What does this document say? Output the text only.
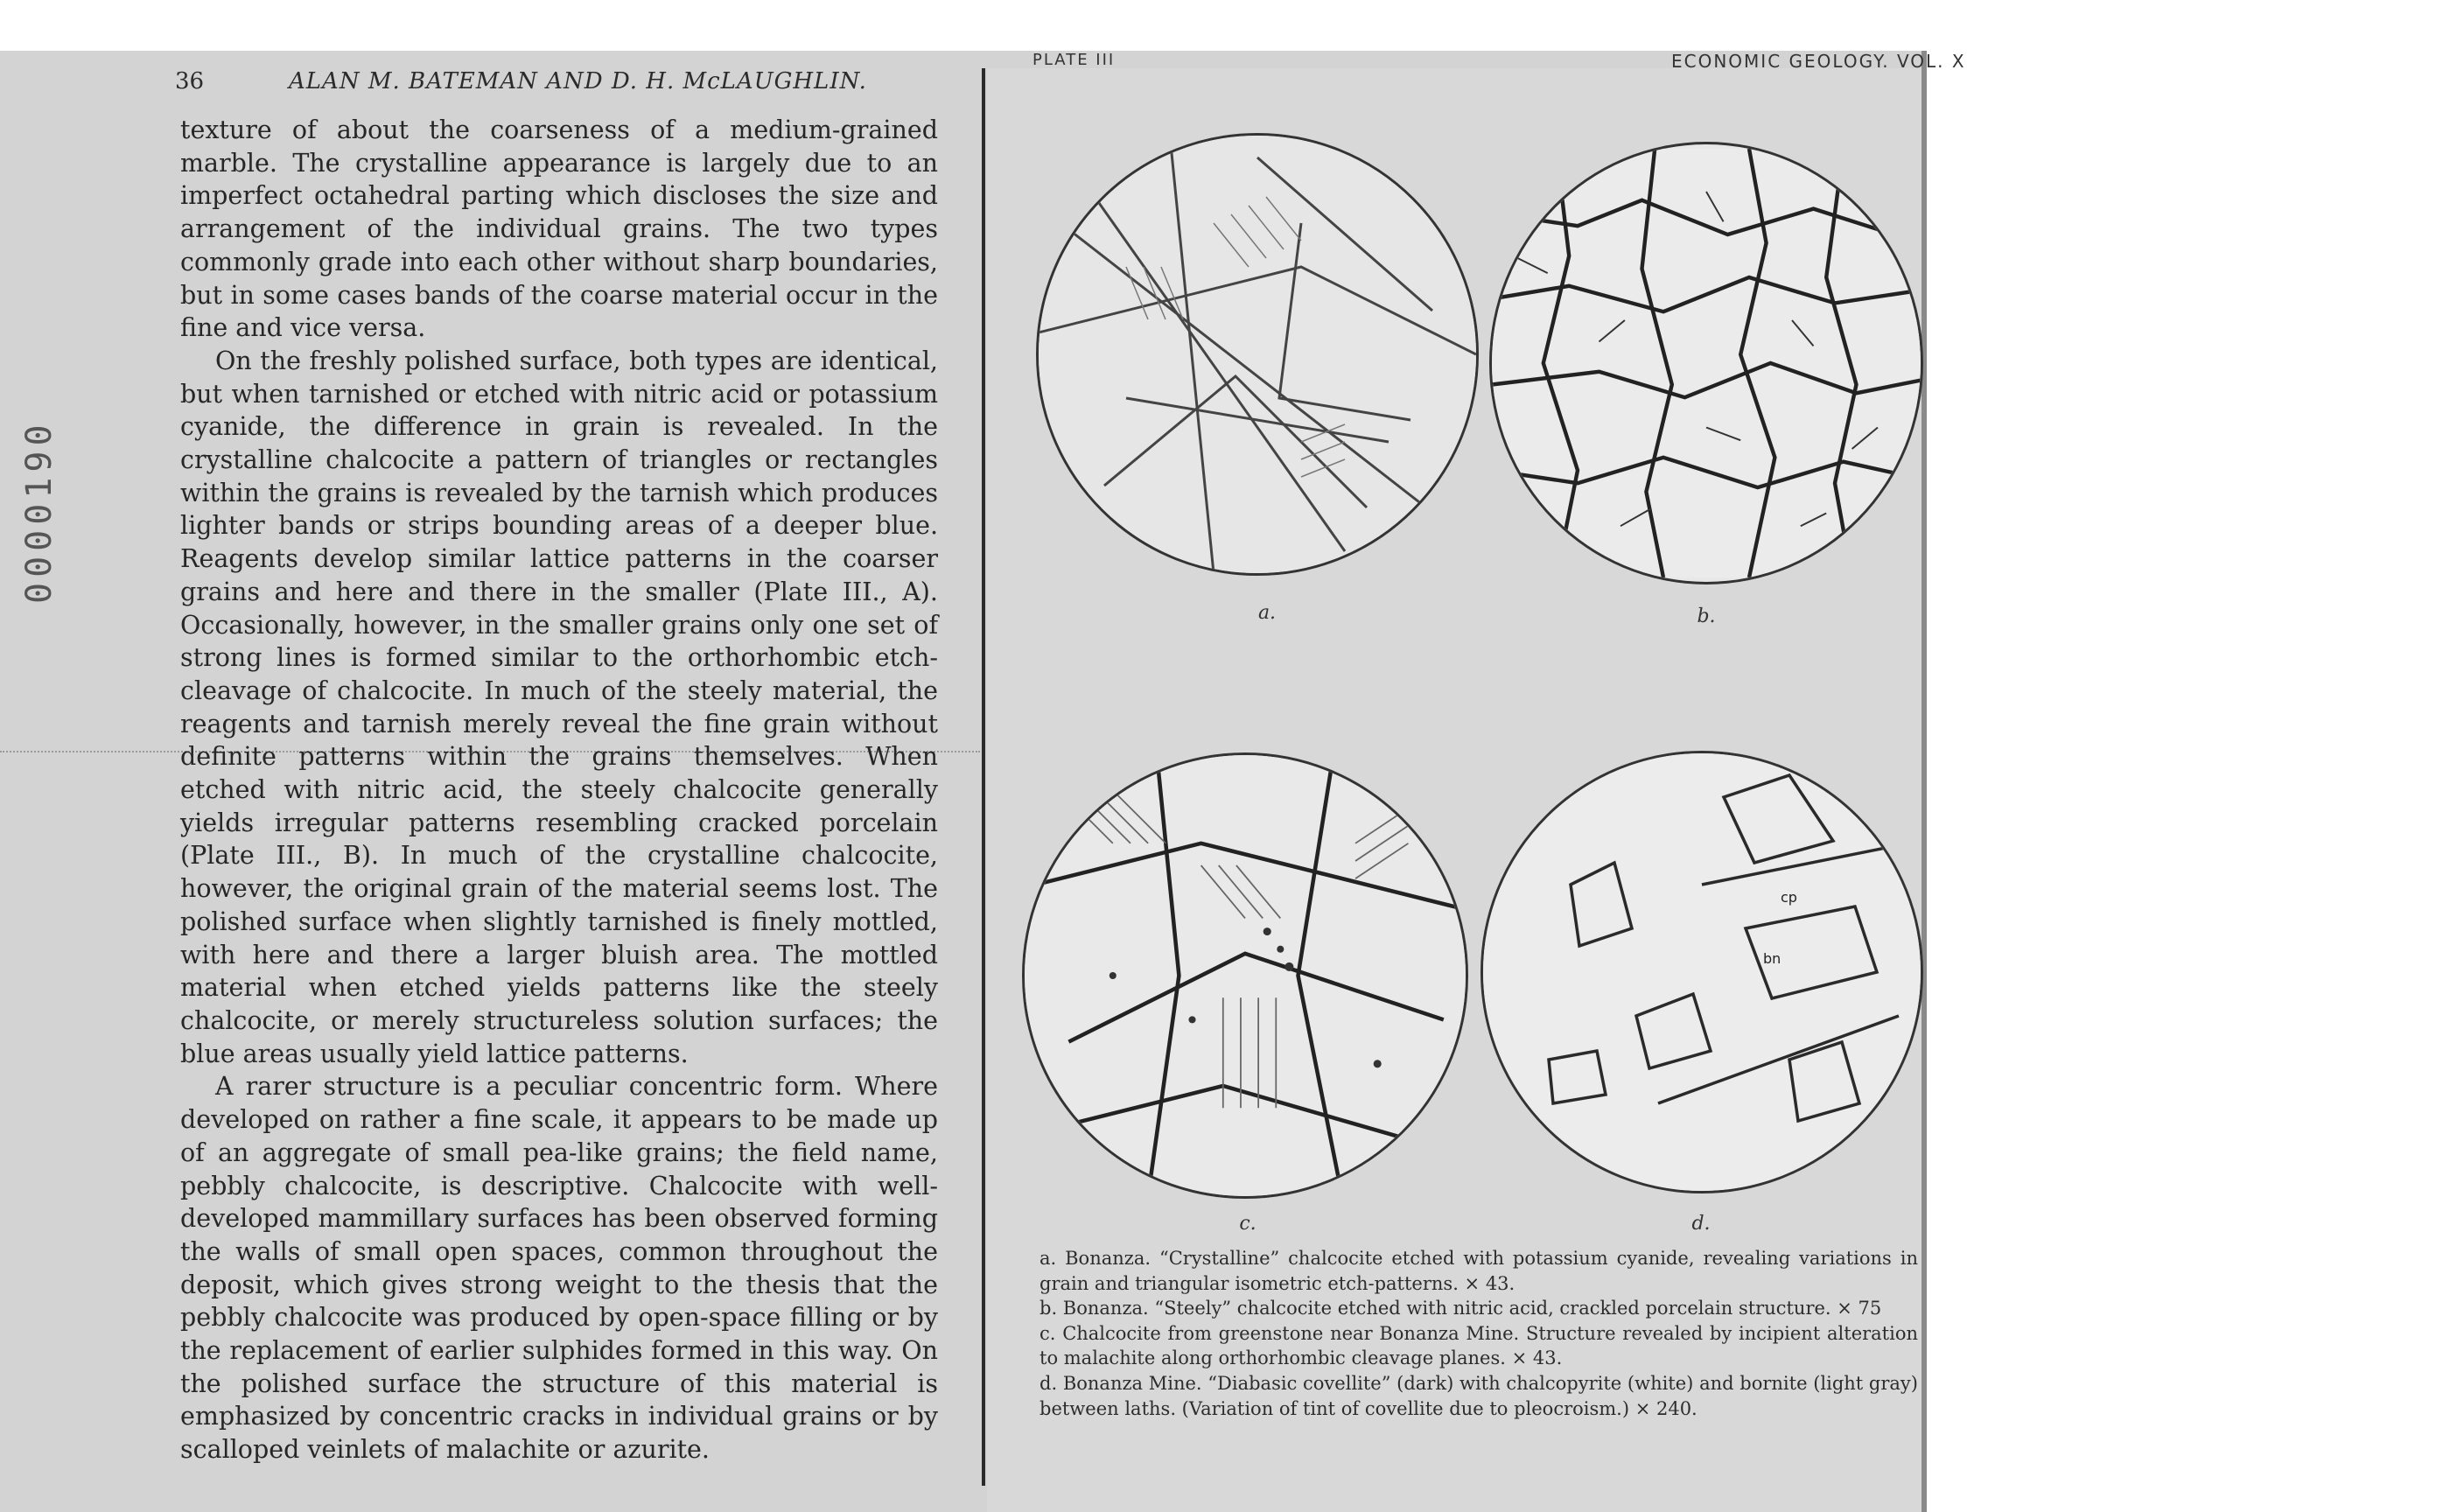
0000190
36	ALAN M. BATEMAN AND D. H. McLAUGHLIN.

texture of about the coarseness of a medium-grained marble. The crystalline appearance is largely due to an imperfect octahedral parting which discloses the size and arrangement of the individual grains. The two types commonly grade into each other without sharp boundaries, but in some cases bands of the coarse material occur in the fine and vice versa.

On the freshly polished surface, both types are identical, but when tarnished or etched with nitric acid or potassium cyanide, the difference in grain is revealed. In the crystalline chalcocite a pattern of triangles or rectangles within the grains is revealed by the tarnish which produces lighter bands or strips bounding areas of a deeper blue. Reagents develop similar lattice patterns in the coarser grains and here and there in the smaller (Plate III., A). Occasionally, however, in the smaller grains only one set of strong lines is formed similar to the orthorhombic etch-cleavage of chalcocite. In much of the steely material, the reagents and tarnish merely reveal the fine grain without definite patterns within the grains themselves. When etched with nitric acid, the steely chalcocite generally yields irregular patterns resembling cracked porcelain (Plate III., B). In much of the crystalline chalcocite, however, the original grain of the material seems lost. The polished surface when slightly tarnished is finely mottled, with here and there a larger bluish area. The mottled material when etched yields patterns like the steely chalcocite, or merely structureless solution surfaces; the blue areas usually yield lattice patterns.

A rarer structure is a peculiar concentric form. Where developed on rather a fine scale, it appears to be made up of an aggregate of small pea-like grains; the field name, pebbly chalcocite, is descriptive. Chalcocite with well-developed mammillary surfaces has been observed forming the walls of small open spaces, common throughout the deposit, which gives strong weight to the thesis that the pebbly chalcocite was produced by open-space filling or by the replacement of earlier sulphides formed in this way. On the polished surface the structure of this material is emphasized by concentric cracks in individual grains or by scalloped veinlets of malachite or azurite.

PLATE III	ECONOMIC GEOLOGY. VOL. X
a.	b.
c.
cp
bn
d.

a. Bonanza. “Crystalline” chalcocite etched with potassium cyanide, revealing variations in grain and triangular isometric etch-patterns. × 43.

b. Bonanza. “Steely” chalcocite etched with nitric acid, crackled porcelain structure. × 75

c. Chalcocite from greenstone near Bonanza Mine. Structure revealed by incipient alteration to malachite along orthorhombic cleavage planes. × 43.

d. Bonanza Mine. “Diabasic covellite” (dark) with chalcopyrite (white) and bornite (light gray) between laths. (Variation of tint of covellite due to pleocroism.) × 240.
